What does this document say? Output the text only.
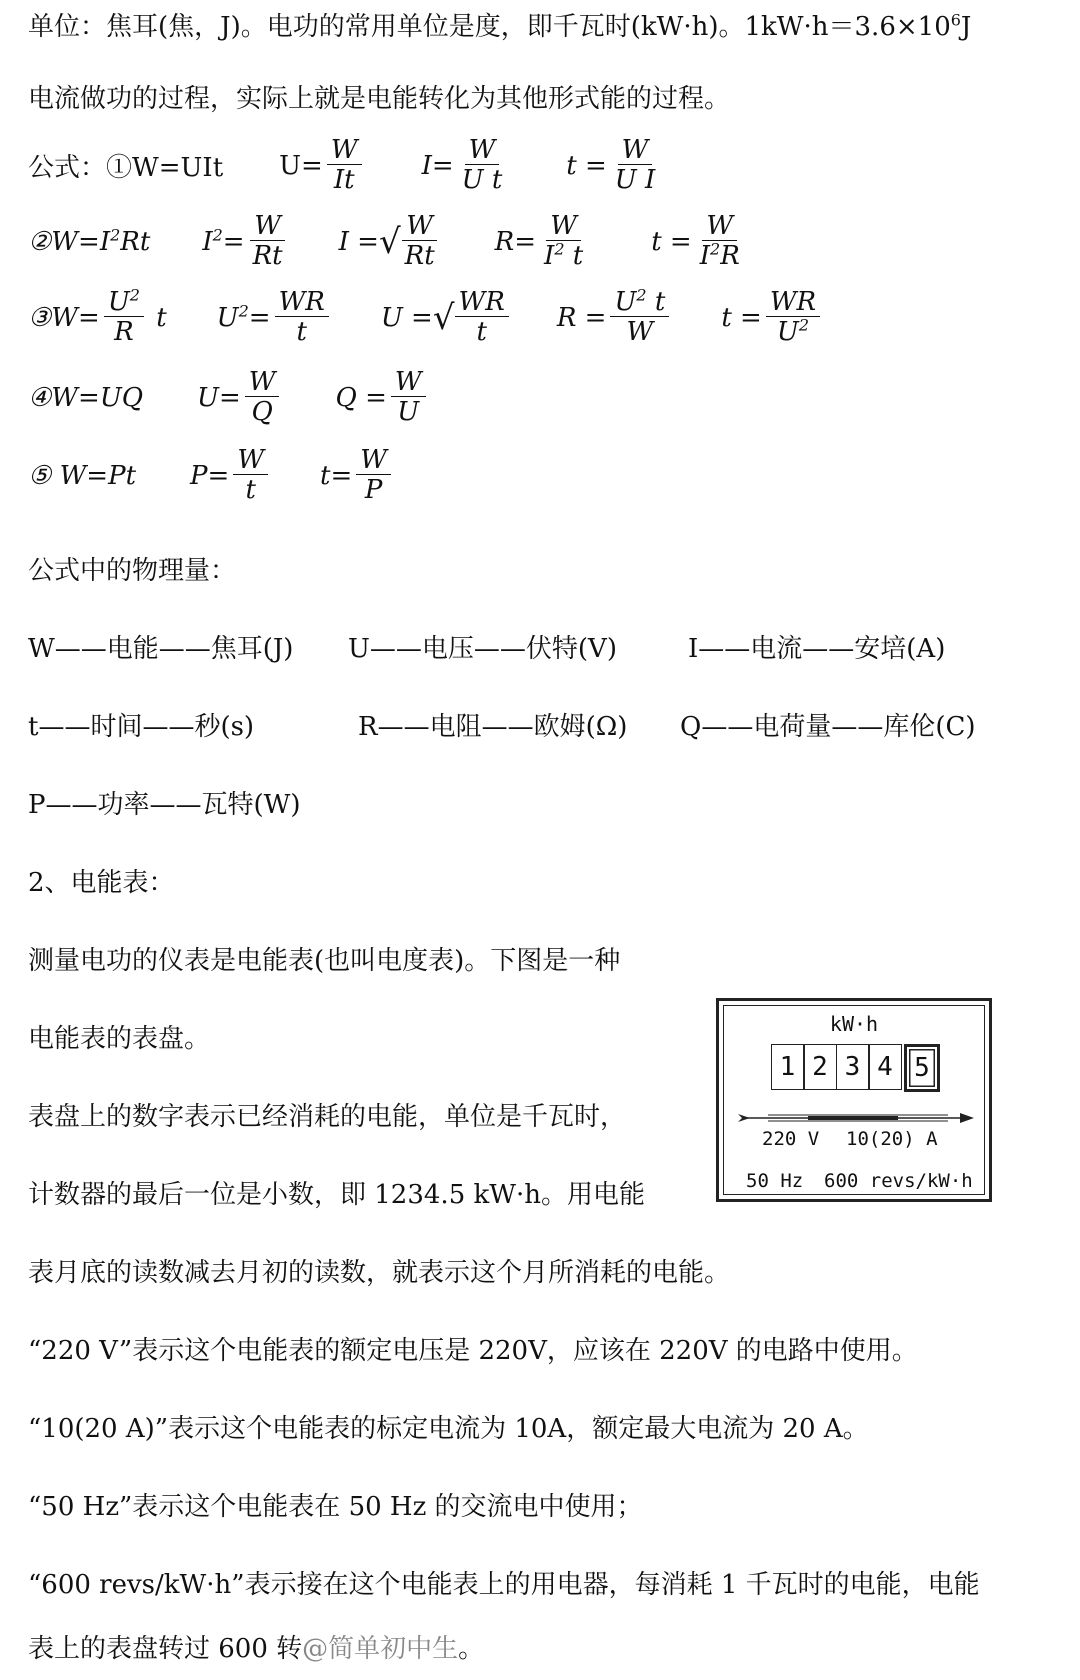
单位：焦耳(焦，J)。电功的常用单位是度，即千瓦时(kW·h)。$1kW\cdot h=3.6\times 10^6J$
电流做功的过程，实际上就是电能转化为其他形式能的过程。
公式：①W=UIt $U= \frac{W}{It}$ $I = \frac{W}{\text{U t}}$ $t = \frac{W}{\text{U I}}$
$②W=I^2Rt$ $I^2= \frac{W}{Rt}$ I = √ $\frac{W}{Rt}$ $R = \frac{W}{I^2 t}$ $t = \frac{W}{I^2R}$
③W= $\frac{U^2}{R}$ t $U^2= \frac{WR}{t}$ U = √ $\frac{WR}{t}$ $R = \frac{U^2 t}{W}$ $t = \frac{WR}{U^2}$
④W=UQ $U= \frac{W}{Q}$ $Q = \frac{W}{U}$
⑤ W=Pt $P= \frac{W}{t}$ $t = \frac{W}{P}$
公式中的物理量：
W——电能——焦耳(J) U——电压——伏特(V)	I——电流——安培(A)
t——时间——秒(s)	R——电阻——欧姆(Ω) Q——电荷量——库伦(C)
P——功率——瓦特(W)
2、电能表：
测量电功的仪表是电能表(也叫电度表)。下图是一种
电能表的表盘。
表盘上的数字表示已经消耗的电能，单位是千瓦时，
计数器的最后一位是小数，即 1234.5 kW·h。用电能
表月底的读数减去月初的读数，就表示这个月所消耗的电能。
“220 V”表示这个电能表的额定电压是 220V，应该在 220V 的电路中使用。
“10(20 A)”表示这个电能表的标定电流为 10A，额定最大电流为 20 A。
“50 Hz”表示这个电能表在 50 Hz 的交流电中使用；
“600 revs/kW·h”表示接在这个电能表上的用电器，每消耗 1 千瓦时的电能，电能
表上的表盘转过 600 转@简单初中生。
kW·h
1 2 3 4 5
220 V 10(20) A
50 Hz 600 revs/kW·h
